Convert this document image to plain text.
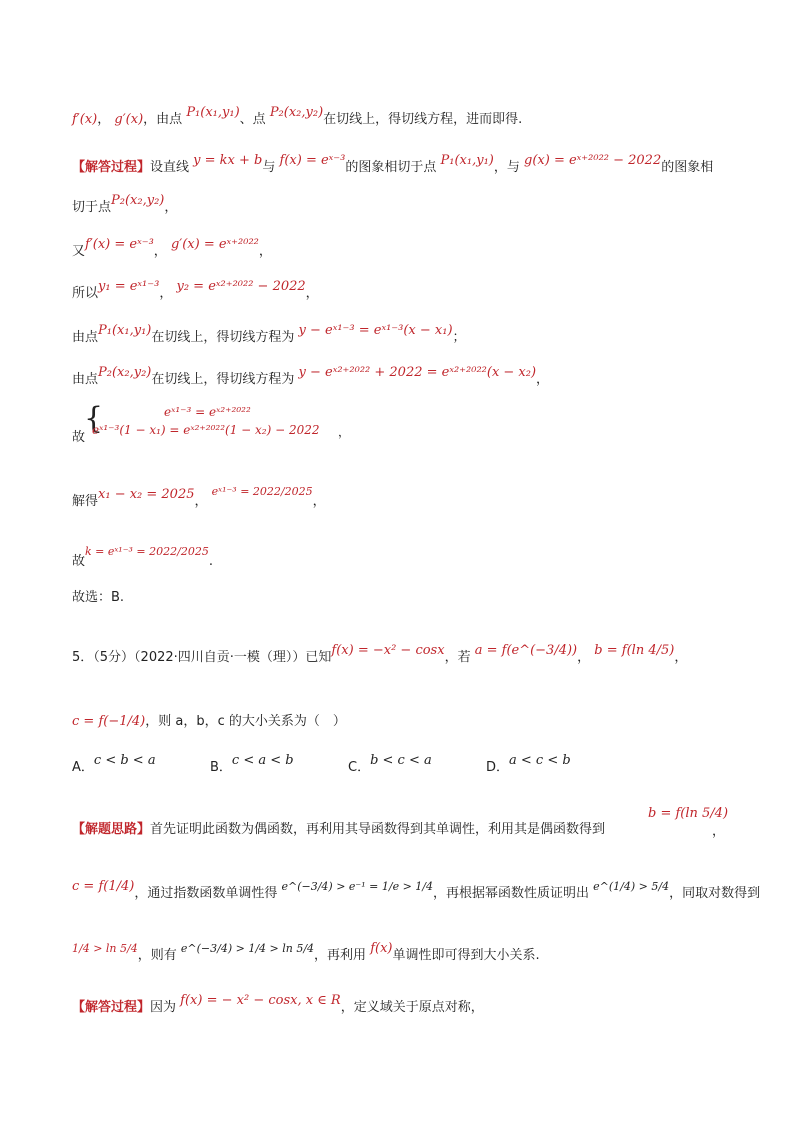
f′(x)， g′(x)，由点 P₁(x₁,y₁)、点 P₂(x₂,y₂)在切线上，得切线方程，进而即得.
【解答过程】设直线 y = kx + b与 f(x) = eˣ⁻³的图象相切于点 P₁(x₁,y₁)，与 g(x) = eˣ⁺²⁰²² − 2022的图象相
切于点P₂(x₂,y₂)，
又f′(x) = eˣ⁻³， g′(x) = eˣ⁺²⁰²²，
所以y₁ = eˣ¹⁻³， y₂ = eˣ²⁺²⁰²² − 2022，
由点P₁(x₁,y₁)在切线上，得切线方程为 y − eˣ¹⁻³ = eˣ¹⁻³(x − x₁)；
由点P₂(x₂,y₂)在切线上，得切线方程为 y − eˣ²⁺²⁰²² + 2022 = eˣ²⁺²⁰²²(x − x₂)，
故
{	eˣ¹⁻³ = eˣ²⁺²⁰²²
eˣ¹⁻³(1 − x₁) = eˣ²⁺²⁰²²(1 − x₂) − 2022 ，
解得x₁ − x₂ = 2025， $^{eˣ^{1-3} = 2022/2025}$，
故$^{k = eˣ^{1-3} = 2022/2025}$.
故选：B.
5．（5分）（2022·四川自贡·一模（理））已知f(x) = −x² − cosx，若 a = f(e^(−3/4))， b = f(ln 4/5)，
c = f(−1/4)，则 a，b，c 的大小关系为（　）
A．c < b < a	B．c < a < b	C．b < c < a	D．a < c < b
【解题思路】首先证明此函数为偶函数，再利用其导函数得到其单调性，利用其是偶函数得到
b = f(ln 5/4)
，
c = f(1/4)，通过指数函数单调性得 $^{e\^{}(-3/4) > e^{-1} = 1/e > 1/4}$，再根据幂函数性质证明出 $^{e\^{}(1/4) > 5/4}$，同取对数得到
$^{1/4 > ln 5/4}$，则有 $^{e\^{}(-3/4) > 1/4 > ln 5/4}$，再利用 f(x)单调性即可得到大小关系.
【解答过程】因为 f(x) = − x² − cosx, x ∈ R，定义域关于原点对称，
